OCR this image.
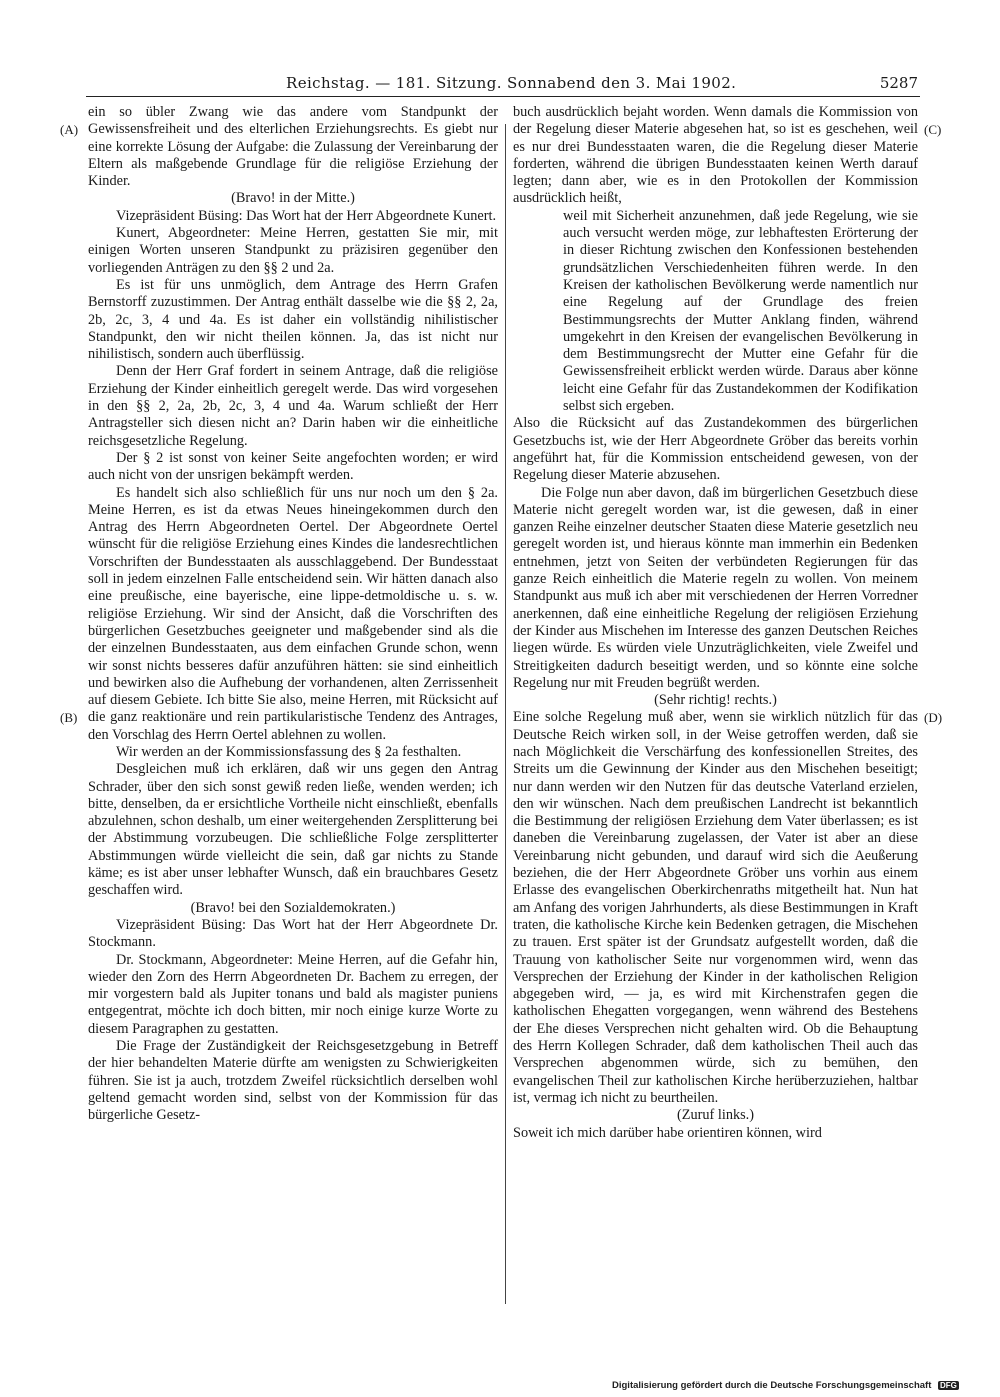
Reichstag. — 181. Sitzung. Sonnabend den 3. Mai 1902.	5287
(A)
(B)
(C)
(D)

ein so übler Zwang wie das andere vom Standpunkt der Gewissensfreiheit und des elterlichen Erziehungsrechts. Es giebt nur eine korrekte Lösung der Aufgabe: die Zulassung der Vereinbarung der Eltern als maßgebende Grundlage für die religiöse Erziehung der Kinder.

(Bravo! in der Mitte.)

Vizepräsident Büsing: Das Wort hat der Herr Abgeordnete Kunert.

Kunert, Abgeordneter: Meine Herren, gestatten Sie mir, mit einigen Worten unseren Standpunkt zu präzisiren gegenüber den vorliegenden Anträgen zu den §§ 2 und 2a.

Es ist für uns unmöglich, dem Antrage des Herrn Grafen Bernstorff zuzustimmen. Der Antrag enthält dasselbe wie die §§ 2, 2a, 2b, 2c, 3, 4 und 4a. Es ist daher ein vollständig nihilistischer Standpunkt, den wir nicht theilen können. Ja, das ist nicht nur nihilistisch, sondern auch überflüssig.

Denn der Herr Graf fordert in seinem Antrage, daß die religiöse Erziehung der Kinder einheitlich geregelt werde. Das wird vorgesehen in den §§ 2, 2a, 2b, 2c, 3, 4 und 4a. Warum schließt der Herr Antragsteller sich diesen nicht an? Darin haben wir die einheitliche reichsgesetzliche Regelung.

Der § 2 ist sonst von keiner Seite angefochten worden; er wird auch nicht von der unsrigen bekämpft werden.

Es handelt sich also schließlich für uns nur noch um den § 2a. Meine Herren, es ist da etwas Neues hineingekommen durch den Antrag des Herrn Abgeordneten Oertel. Der Abgeordnete Oertel wünscht für die religiöse Erziehung eines Kindes die landesrechtlichen Vorschriften der Bundesstaaten als ausschlaggebend. Der Bundesstaat soll in jedem einzelnen Falle entscheidend sein. Wir hätten danach also eine preußische, eine bayerische, eine lippe-detmoldische u. s. w. religiöse Erziehung. Wir sind der Ansicht, daß die Vorschriften des bürgerlichen Gesetzbuches geeigneter und maßgebender sind als die der einzelnen Bundesstaaten, aus dem einfachen Grunde schon, wenn wir sonst nichts besseres dafür anzuführen hätten: sie sind einheitlich und bewirken also die Aufhebung der vorhandenen, alten Zerrissenheit auf diesem Gebiete. Ich bitte Sie also, meine Herren, mit Rücksicht auf die ganz reaktionäre und rein partikularistische Tendenz des Antrages, den Vorschlag des Herrn Oertel ablehnen zu wollen.

Wir werden an der Kommissionsfassung des § 2a festhalten.

Desgleichen muß ich erklären, daß wir uns gegen den Antrag Schrader, über den sich sonst gewiß reden ließe, wenden werden; ich bitte, denselben, da er ersichtliche Vortheile nicht einschließt, ebenfalls abzulehnen, schon deshalb, um einer weitergehenden Zersplitterung bei der Abstimmung vorzubeugen. Die schließliche Folge zersplitterter Abstimmungen würde vielleicht die sein, daß gar nichts zu Stande käme; es ist aber unser lebhafter Wunsch, daß ein brauchbares Gesetz geschaffen wird.

(Bravo! bei den Sozialdemokraten.)

Vizepräsident Büsing: Das Wort hat der Herr Abgeordnete Dr. Stockmann.

Dr. Stockmann, Abgeordneter: Meine Herren, auf die Gefahr hin, wieder den Zorn des Herrn Abgeordneten Dr. Bachem zu erregen, der mir vorgestern bald als Jupiter tonans und bald als magister puniens entgegentrat, möchte ich doch bitten, mir noch einige kurze Worte zu diesem Paragraphen zu gestatten.

Die Frage der Zuständigkeit der Reichsgesetzgebung in Betreff der hier behandelten Materie dürfte am wenigsten zu Schwierigkeiten führen. Sie ist ja auch, trotzdem Zweifel rücksichtlich derselben wohl geltend gemacht worden sind, selbst von der Kommission für das bürgerliche Gesetz-

buch ausdrücklich bejaht worden. Wenn damals die Kommission von der Regelung dieser Materie abgesehen hat, so ist es geschehen, weil es nur drei Bundesstaaten waren, die die Regelung dieser Materie forderten, während die übrigen Bundesstaaten keinen Werth darauf legten; dann aber, wie es in den Protokollen der Kommission ausdrücklich heißt,

weil mit Sicherheit anzunehmen, daß jede Regelung, wie sie auch versucht werden möge, zur lebhaftesten Erörterung der in dieser Richtung zwischen den Konfessionen bestehenden grundsätzlichen Verschiedenheiten führen werde. In den Kreisen der katholischen Bevölkerung werde namentlich nur eine Regelung auf der Grundlage des freien Bestimmungsrechts der Mutter Anklang finden, während umgekehrt in den Kreisen der evangelischen Bevölkerung in dem Bestimmungsrecht der Mutter eine Gefahr für die Gewissensfreiheit erblickt werden würde. Daraus aber könne leicht eine Gefahr für das Zustandekommen der Kodifikation selbst sich ergeben.

Also die Rücksicht auf das Zustandekommen des bürgerlichen Gesetzbuchs ist, wie der Herr Abgeordnete Gröber das bereits vorhin angeführt hat, für die Kommission entscheidend gewesen, von der Regelung dieser Materie abzusehen.

Die Folge nun aber davon, daß im bürgerlichen Gesetzbuch diese Materie nicht geregelt worden war, ist die gewesen, daß in einer ganzen Reihe einzelner deutscher Staaten diese Materie gesetzlich neu geregelt worden ist, und hieraus könnte man immerhin ein Bedenken entnehmen, jetzt von Seiten der verbündeten Regierungen für das ganze Reich einheitlich die Materie regeln zu wollen. Von meinem Standpunkt aus muß ich aber mit verschiedenen der Herren Vorredner anerkennen, daß eine einheitliche Regelung der religiösen Erziehung der Kinder aus Mischehen im Interesse des ganzen Deutschen Reiches liegen würde. Es würden viele Unzuträglichkeiten, viele Zweifel und Streitigkeiten dadurch beseitigt werden, und so könnte eine solche Regelung nur mit Freuden begrüßt werden.

(Sehr richtig! rechts.)

Eine solche Regelung muß aber, wenn sie wirklich nützlich für das Deutsche Reich wirken soll, in der Weise getroffen werden, daß sie nach Möglichkeit die Verschärfung des konfessionellen Streites, des Streits um die Gewinnung der Kinder aus den Mischehen beseitigt; nur dann werden wir den Nutzen für das deutsche Vaterland erzielen, den wir wünschen. Nach dem preußischen Landrecht ist bekanntlich die Bestimmung der religiösen Erziehung dem Vater überlassen; es ist daneben die Vereinbarung zugelassen, der Vater ist aber an diese Vereinbarung nicht gebunden, und darauf wird sich die Aeußerung beziehen, die der Herr Abgeordnete Gröber uns vorhin aus einem Erlasse des evangelischen Oberkirchenraths mitgetheilt hat. Nun hat am Anfang des vorigen Jahrhunderts, als diese Bestimmungen in Kraft traten, die katholische Kirche kein Bedenken getragen, die Mischehen zu trauen. Erst später ist der Grundsatz aufgestellt worden, daß die Trauung von katholischer Seite nur vorgenommen wird, wenn das Versprechen der Erziehung der Kinder in der katholischen Religion abgegeben wird, — ja, es wird mit Kirchenstrafen gegen die katholischen Ehegatten vorgegangen, wenn während des Bestehens der Ehe dieses Versprechen nicht gehalten wird. Ob die Behauptung des Herrn Kollegen Schrader, daß dem katholischen Theil auch das Versprechen abgenommen würde, sich zu bemühen, den evangelischen Theil zur katholischen Kirche herüberzuziehen, haltbar ist, vermag ich nicht zu beurtheilen.

(Zuruf links.)

Soweit ich mich darüber habe orientiren können, wird

Digitalisierung gefördert durch die Deutsche Forschungsgemeinschaft DFG
